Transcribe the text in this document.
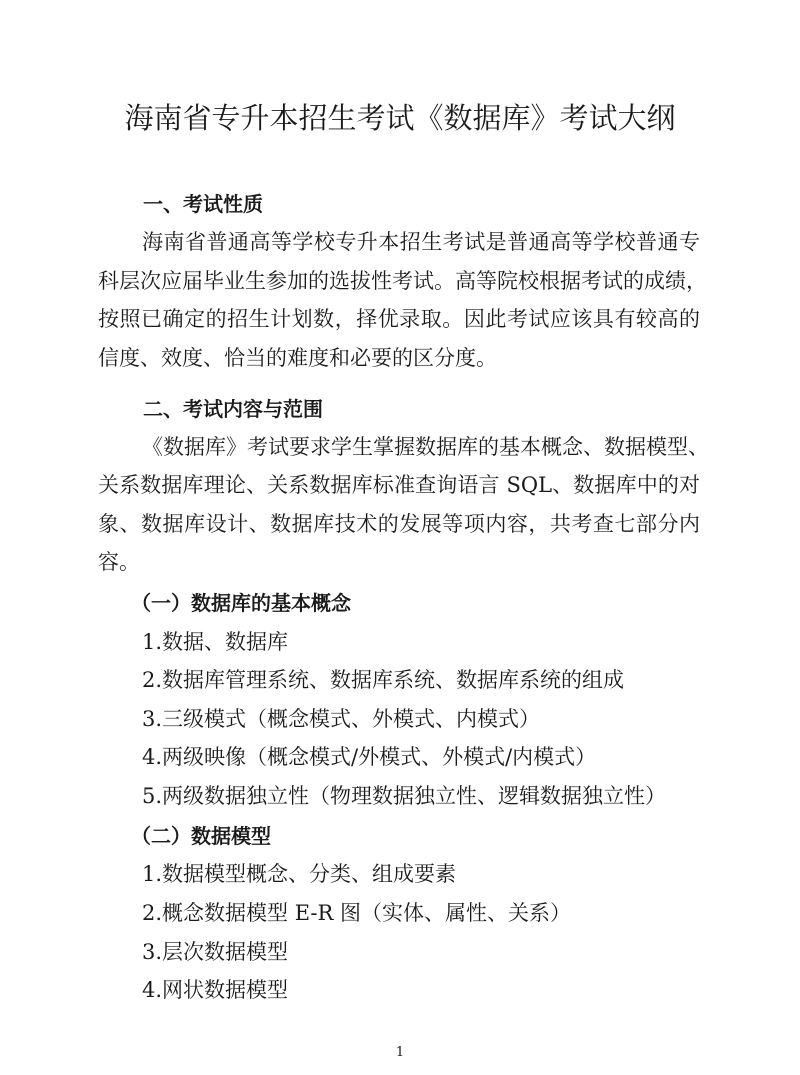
海南省专升本招生考试《数据库》考试大纲
一、考试性质
海南省普通高等学校专升本招生考试是普通高等学校普通专
科层次应届毕业生参加的选拔性考试。高等院校根据考试的成绩，
按照已确定的招生计划数，择优录取。因此考试应该具有较高的
信度、效度、恰当的难度和必要的区分度。
二、考试内容与范围
《数据库》考试要求学生掌握数据库的基本概念、数据模型、
关系数据库理论、关系数据库标准查询语言 SQL、数据库中的对
象、数据库设计、数据库技术的发展等项内容，共考查七部分内
容。
（一）数据库的基本概念
1.数据、数据库
2.数据库管理系统、数据库系统、数据库系统的组成
3.三级模式（概念模式、外模式、内模式）
4.两级映像（概念模式/外模式、外模式/内模式）
5.两级数据独立性（物理数据独立性、逻辑数据独立性）
（二）数据模型
1.数据模型概念、分类、组成要素
2.概念数据模型 E-R 图（实体、属性、关系）
3.层次数据模型
4.网状数据模型
1
